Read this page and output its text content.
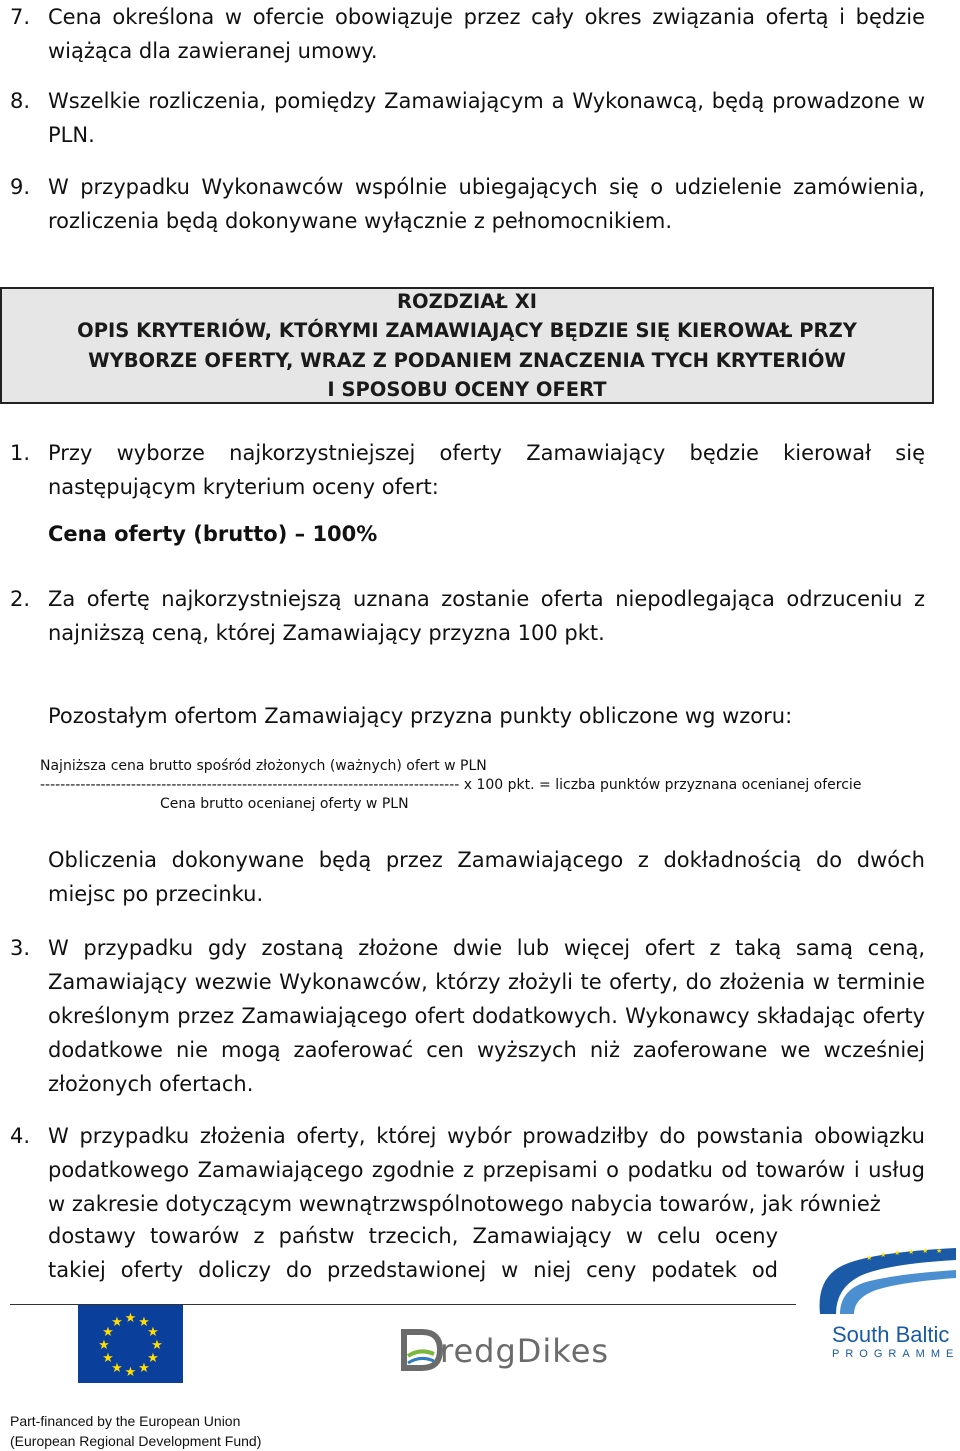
7. Cena określona w ofercie obowiązuje przez cały okres związania ofertą i będzie wiążąca dla zawieranej umowy.
8. Wszelkie rozliczenia, pomiędzy Zamawiającym a Wykonawcą, będą prowadzone w PLN.
9. W przypadku Wykonawców wspólnie ubiegających się o udzielenie zamówienia, rozliczenia będą dokonywane wyłącznie z pełnomocnikiem.
ROZDZIAŁ XI
OPIS KRYTERIÓW, KTÓRYMI ZAMAWIAJĄCY BĘDZIE SIĘ KIEROWAŁ PRZY
WYBORZE OFERTY, WRAZ Z PODANIEM ZNACZENIA TYCH KRYTERIÓW
I SPOSOBU OCENY OFERT
1. Przy wyborze najkorzystniejszej oferty Zamawiający będzie kierował się następującym kryterium oceny ofert:
Cena oferty (brutto) – 100%
2. Za ofertę najkorzystniejszą uznana zostanie oferta niepodlegająca odrzuceniu z najniższą ceną, której Zamawiający przyzna 100 pkt.
Pozostałym ofertom Zamawiający przyzna punkty obliczone wg wzoru:
Najniższa cena brutto spośród złożonych (ważnych) ofert w PLN
----------------------------------------------------------------------------------- x 100 pkt. = liczba punktów przyznana ocenianej ofercie
Cena brutto ocenianej oferty w PLN
Obliczenia dokonywane będą przez Zamawiającego z dokładnością do dwóch miejsc po przecinku.
3. W przypadku gdy zostaną złożone dwie lub więcej ofert z taką samą ceną, Zamawiający wezwie Wykonawców, którzy złożyli te oferty, do złożenia w terminie określonym przez Zamawiającego ofert dodatkowych. Wykonawcy składając oferty dodatkowe nie mogą zaoferować cen wyższych niż zaoferowane we wcześniej złożonych ofertach.
4. W przypadku złożenia oferty, której wybór prowadziłby do powstania obowiązku podatkowego Zamawiającego zgodnie z przepisami o podatku od towarów i usług w zakresie dotyczącym wewnątrzwspólnotowego nabycia towarów, jak również
dostawy towarów z państw trzecich, Zamawiający w celu oceny
takiej oferty doliczy do przedstawionej w niej ceny podatek od
★ ★
★
★
★
★
★
★
★
★
★
★
redgDikes
★ ★ ★ ★ ★ ★
South Baltic
PROGRAMME
Part-financed by the European Union
(European Regional Development Fund)
